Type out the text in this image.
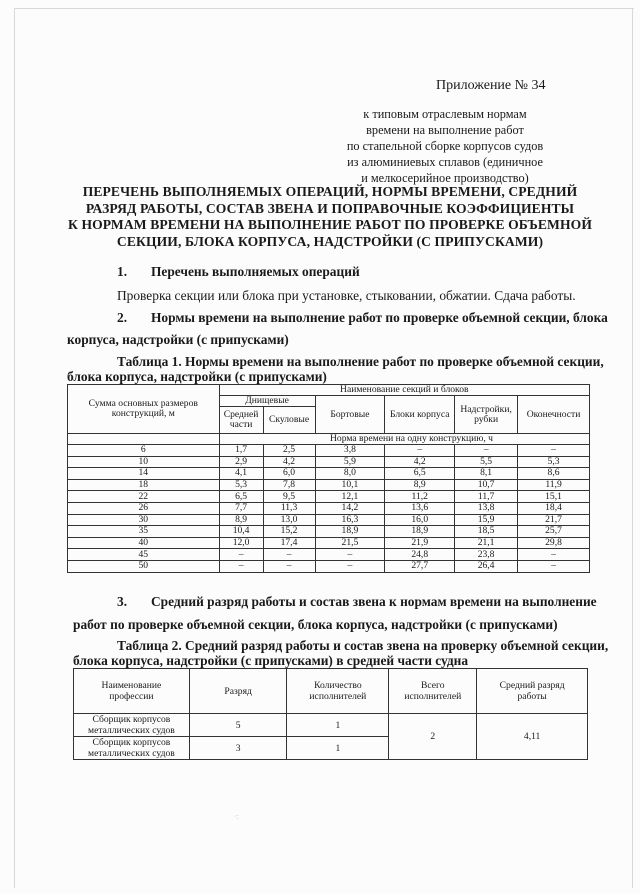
Приложение № 34
к типовым отраслевым нормам
времени на выполнение работ
по стапельной сборке корпусов судов
из алюминиевых сплавов (единичное
и мелкосерийное производство)
ПЕРЕЧЕНЬ ВЫПОЛНЯЕМЫХ ОПЕРАЦИЙ, НОРМЫ ВРЕМЕНИ, СРЕДНИЙ
РАЗРЯД РАБОТЫ, СОСТАВ ЗВЕНА И ПОПРАВОЧНЫЕ КОЭФФИЦИЕНТЫ
К НОРМАМ ВРЕМЕНИ НА ВЫПОЛНЕНИЕ РАБОТ ПО ПРОВЕРКЕ ОБЪЕМНОЙ
СЕКЦИИ, БЛОКА КОРПУСА, НАДСТРОЙКИ (С ПРИПУСКАМИ)
1. Перечень выполняемых операций
Проверка секции или блока при установке, стыковании, обжатии. Сдача работы.
2. Нормы времени на выполнение работ по проверке объемной секции, блока
корпуса, надстройки (с припусками)
Таблица 1. Нормы времени на выполнение работ по проверке объемной секции,
блока корпуса, надстройки (с припусками)
Сумма основных размеров конструкций, м	Наименование секций и блоков					
	Днищевые		Бортовые	Блоки корпуса	Надстройки, рубки	Оконечности
	Средней части	Скуловые				
	Норма времени на одну конструкцию, ч					
6	1,7	2,5	3,8	–	–	–
10	2,9	4,2	5,9	4,2	5,5	5,3
14	4,1	6,0	8,0	6,5	8,1	8,6
18	5,3	7,8	10,1	8,9	10,7	11,9
22	6,5	9,5	12,1	11,2	11,7	15,1
26	7,7	11,3	14,2	13,6	13,8	18,4
30	8,9	13,0	16,3	16,0	15,9	21,7
35	10,4	15,2	18,9	18,9	18,5	25,7
40	12,0	17,4	21,5	21,9	21,1	29,8
45	–	–	–	24,8	23,8	–
50	–	–	–	27,7	26,4	–
3. Средний разряд работы и состав звена к нормам времени на выполнение
работ по проверке объемной секции, блока корпуса, надстройки (с припусками)
Таблица 2. Средний разряд работы и состав звена на проверку объемной секции,
блока корпуса, надстройки (с припусками) в средней части судна
Наименование профессии	Разряд	Количество исполнителей	Всего исполнителей	Средний разряд работы
Сборщик корпусов металлических судов	5	1	2	4,11
Сборщик корпусов металлических судов	3	1		
·:
